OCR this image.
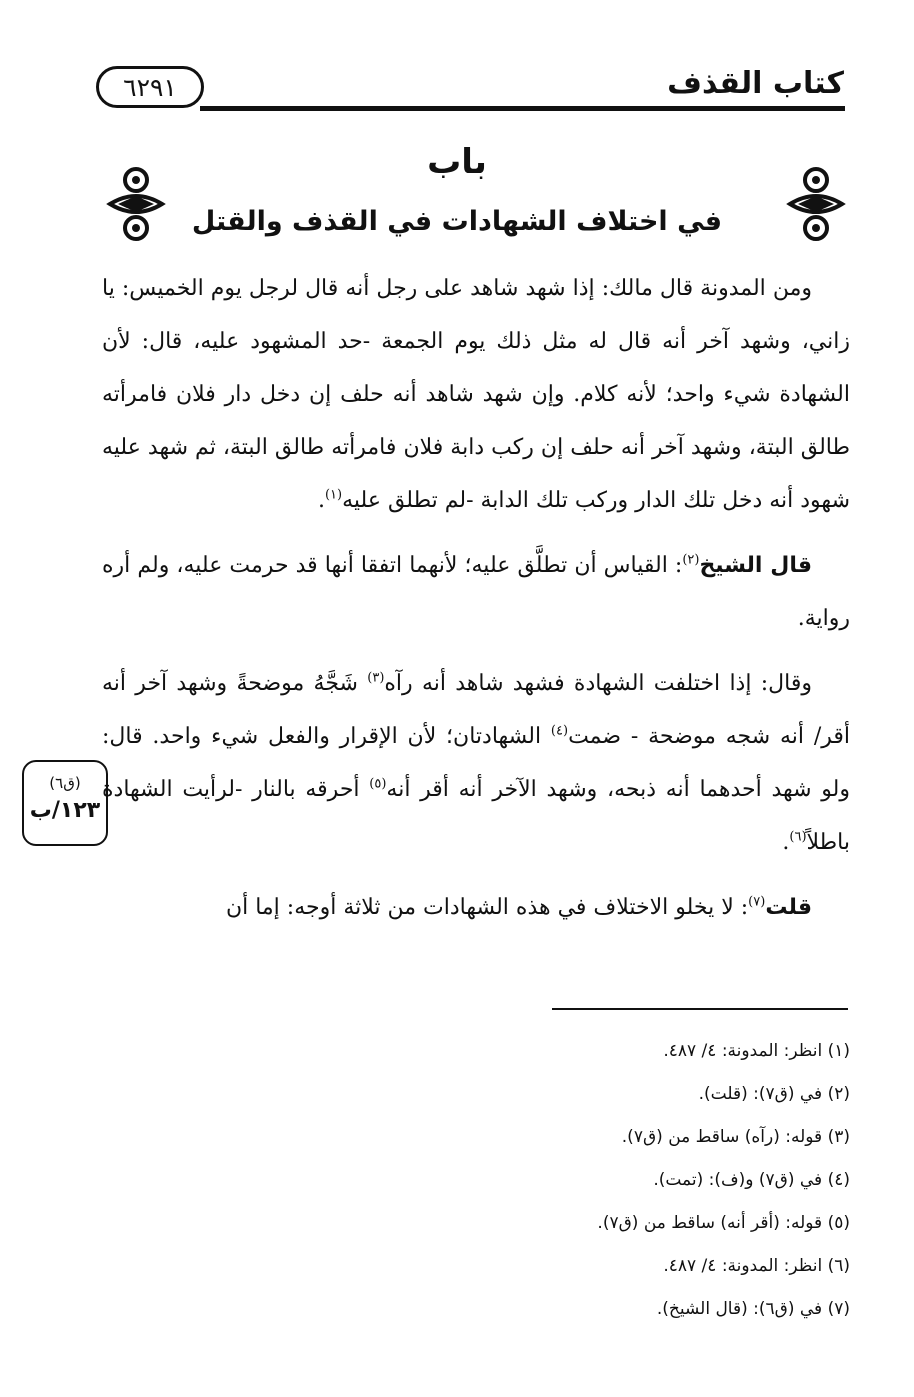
كتاب القذف
٦٢٩١
باب
في اختلاف الشهادات في القذف والقتل

ومن المدونة قال مالك: إذا شهد شاهد على رجل أنه قال لرجل يوم الخميس: يا زاني، وشهد آخر أنه قال له مثل ذلك يوم الجمعة -حد المشهود عليه، قال: لأن الشهادة شيء واحد؛ لأنه كلام. وإن شهد شاهد أنه حلف إن دخل دار فلان فامرأته طالق البتة، وشهد آخر أنه حلف إن ركب دابة فلان فامرأته طالق البتة، ثم شهد عليه شهود أنه دخل تلك الدار وركب تلك الدابة -لم تطلق عليه$^{(١)}$.

قال الشيخ$^{(٢)}$: القياس أن تطلَّق عليه؛ لأنهما اتفقا أنها قد حرمت عليه، ولم أره رواية.

وقال: إذا اختلفت الشهادة فشهد شاهد أنه رآه$^{(٣)}$ شَجَّهُ موضحةً وشهد آخر أنه أقر/ أنه شجه موضحة - ضمت$^{(٤)}$ الشهادتان؛ لأن الإقرار والفعل شيء واحد. قال: ولو شهد أحدهما أنه ذبحه، وشهد الآخر أنه أقر أنه$^{(٥)}$ أحرقه بالنار -لرأيت الشهادة باطلاً$^{(٦)}$.

قلت$^{(٧)}$: لا يخلو الاختلاف في هذه الشهادات من ثلاثة أوجه: إما أن

(ق٦)
١٢٣/ب
(١) انظر: المدونة: ٤/ ٤٨٧.
(٢) في (ق٧): (قلت).
(٣) قوله: (رآه) ساقط من (ق٧).
(٤) في (ق٧) و(ف): (تمت).
(٥) قوله: (أقر أنه) ساقط من (ق٧).
(٦) انظر: المدونة: ٤/ ٤٨٧.
(٧) في (ق٦): (قال الشيخ).
